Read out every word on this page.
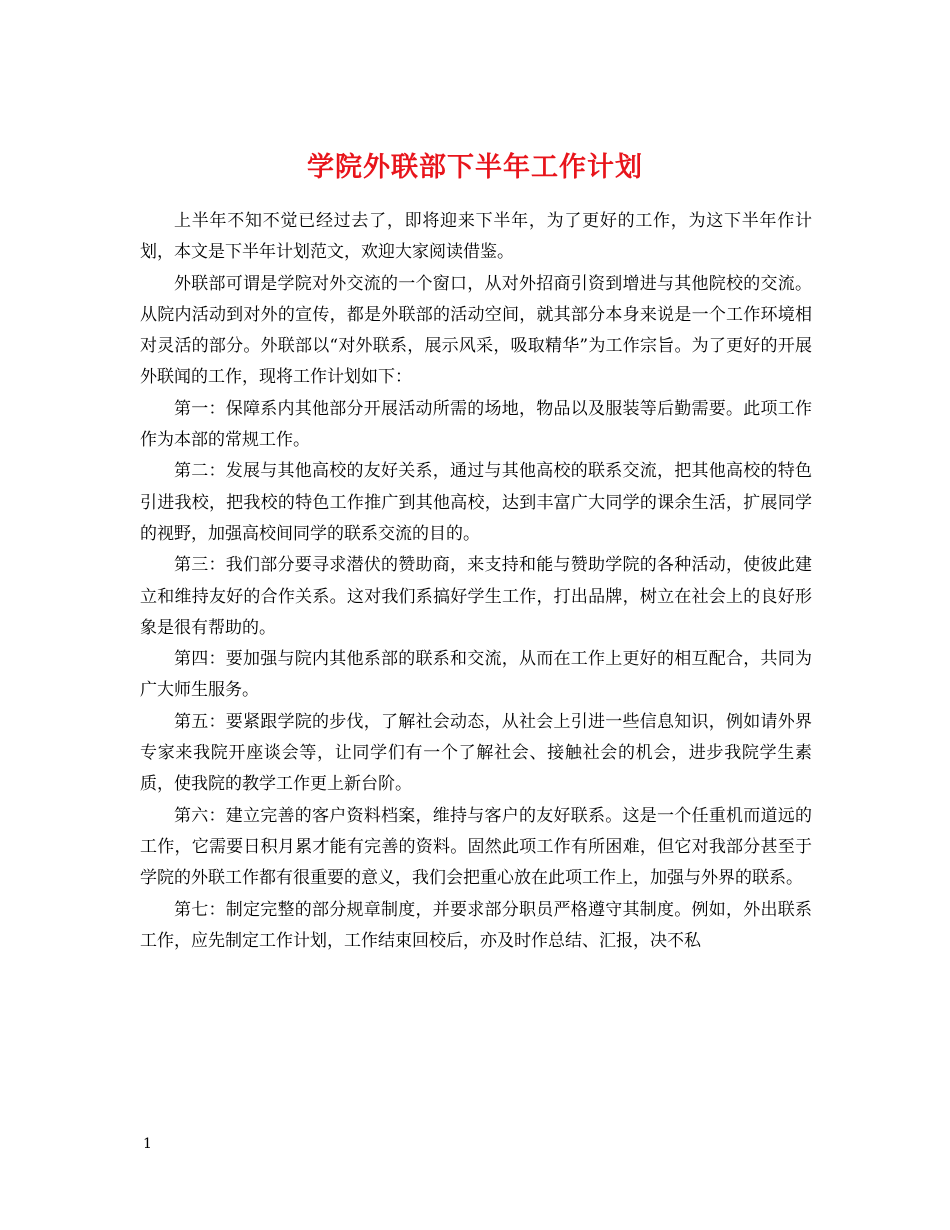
学院外联部下半年工作计划

上半年不知不觉已经过去了，即将迎来下半年，为了更好的工作，为这下半年作计划，本文是下半年计划范文，欢迎大家阅读借鉴。

外联部可谓是学院对外交流的一个窗口，从对外招商引资到增进与其他院校的交流。从院内活动到对外的宣传，都是外联部的活动空间，就其部分本身来说是一个工作环境相对灵活的部分。外联部以“对外联系，展示风采，吸取精华”为工作宗旨。为了更好的开展外联闻的工作，现将工作计划如下：

第一：保障系内其他部分开展活动所需的场地，物品以及服装等后勤需要。此项工作作为本部的常规工作。

第二：发展与其他高校的友好关系，通过与其他高校的联系交流，把其他高校的特色引进我校，把我校的特色工作推广到其他高校，达到丰富广大同学的课余生活，扩展同学的视野，加强高校间同学的联系交流的目的。

第三：我们部分要寻求潜伏的赞助商，来支持和能与赞助学院的各种活动，使彼此建立和维持友好的合作关系。这对我们系搞好学生工作，打出品牌，树立在社会上的良好形象是很有帮助的。

第四：要加强与院内其他系部的联系和交流，从而在工作上更好的相互配合，共同为广大师生服务。

第五：要紧跟学院的步伐，了解社会动态，从社会上引进一些信息知识，例如请外界专家来我院开座谈会等，让同学们有一个了解社会、接触社会的机会，进步我院学生素质，使我院的教学工作更上新台阶。

第六：建立完善的客户资料档案，维持与客户的友好联系。这是一个任重机而道远的工作，它需要日积月累才能有完善的资料。固然此项工作有所困难，但它对我部分甚至于学院的外联工作都有很重要的意义，我们会把重心放在此项工作上，加强与外界的联系。

第七：制定完整的部分规章制度，并要求部分职员严格遵守其制度。例如，外出联系工作，应先制定工作计划，工作结束回校后，亦及时作总结、汇报，决不私

1
